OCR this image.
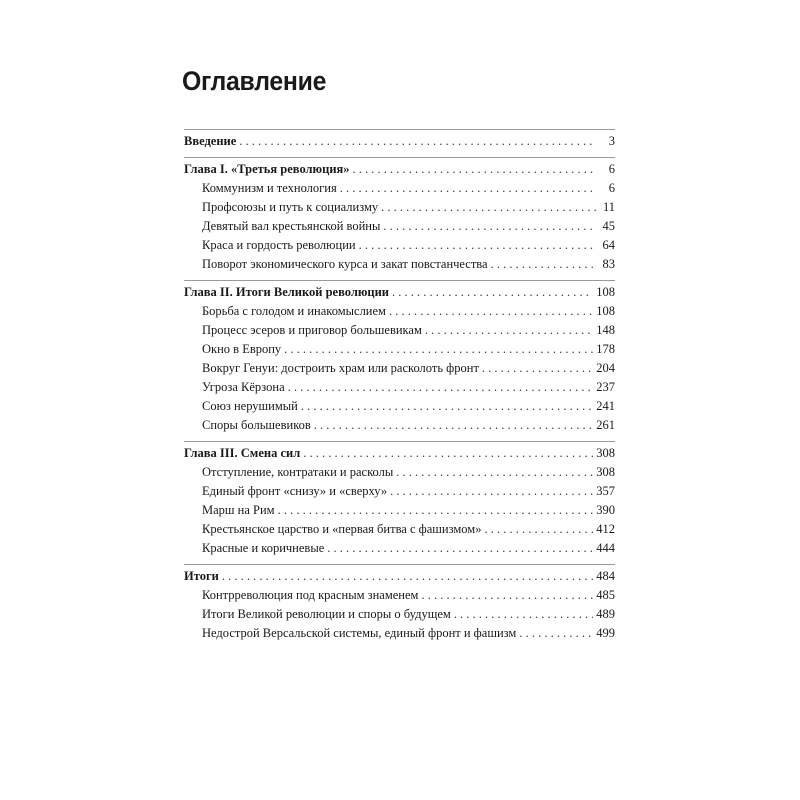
Оглавление
Введение . . .	3
Глава I. «Третья революция» . . .	6
Коммунизм и технология . . .	6
Профсоюзы и путь к социализму . . .	11
Девятый вал крестьянской войны . . .	45
Краса и гордость революции . . .	64
Поворот экономического курса и закат повстанчества . . .	83
Глава II. Итоги Великой революции . . .	108
Борьба с голодом и инакомыслием . . .	108
Процесс эсеров и приговор большевикам . . .	148
Окно в Европу . . .	178
Вокруг Генуи: достроить храм или расколоть фронт . . .	204
Угроза Кёрзона . . .	237
Союз нерушимый . . .	241
Споры большевиков . . .	261
Глава III. Смена сил . . .	308
Отступление, контратаки и расколы . . .	308
Единый фронт «снизу» и «сверху» . . .	357
Марш на Рим . . .	390
Крестьянское царство и «первая битва с фашизмом» . . .	412
Красные и коричневые . . .	444
Итоги . . .	484
Контрреволюция под красным знаменем . . .	485
Итоги Великой революции и споры о будущем . . .	489
Недострой Версальской системы, единый фронт и фашизм . . .	499
